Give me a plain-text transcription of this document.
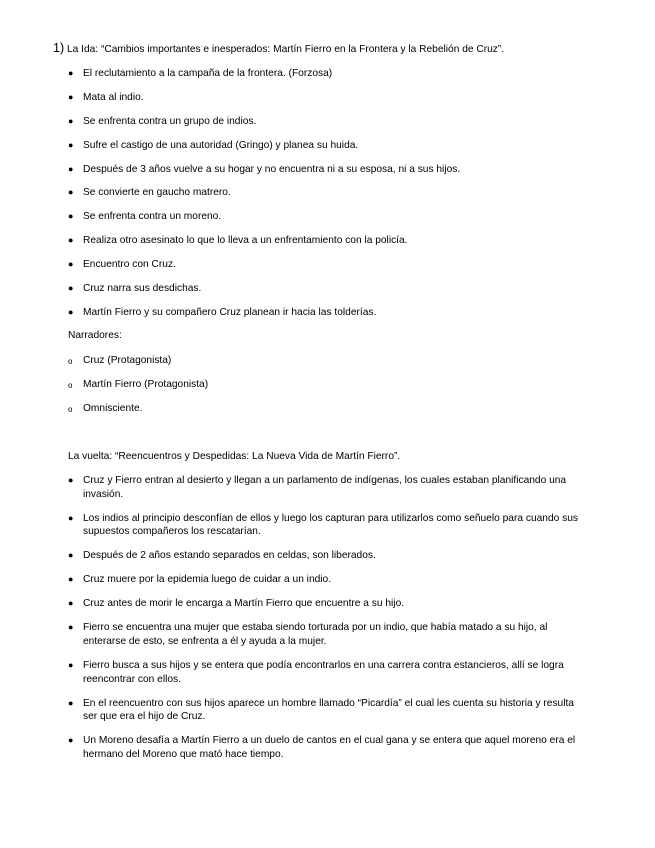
1) La Ida: “Cambios importantes e inesperados: Martín Fierro en la Frontera y la Rebelión de Cruz”.
● El reclutamiento a la campaña de la frontera. (Forzosa)
● Mata al indio.
● Se enfrenta contra un grupo de indios.
● Sufre el castigo de una autoridad (Gringo) y planea su huida.
● Después de 3 años vuelve a su hogar y no encuentra ni a su esposa, ni a sus hijos.
● Se convierte en gaucho matrero.
● Se enfrenta contra un moreno.
● Realiza otro asesinato lo que lo lleva a un enfrentamiento con la policía.
● Encuentro con Cruz.
● Cruz narra sus desdichas.
● Martín Fierro y su compañero Cruz planean ir hacia las tolderías.
Narradores:
o	Cruz (Protagonista)
o	Martín Fierro (Protagonista)
o	Omnisciente.
La vuelta: “Reencuentros y Despedidas: La Nueva Vida de Martín Fierro”.
● Cruz y Fierro entran al desierto y llegan a un parlamento de indígenas, los cuales estaban planificando una
invasión.
● Los indios al principio desconfían de ellos y luego los capturan para utilizarlos como señuelo para cuando sus
supuestos compañeros los rescatarían.
● Después de 2 años estando separados en celdas, son liberados.
● Cruz muere por la epidemia luego de cuidar a un indio.
● Cruz antes de morir le encarga a Martín Fierro que encuentre a su hijo.
● Fierro se encuentra una mujer que estaba siendo torturada por un indio, que había matado a su hijo, al
enterarse de esto, se enfrenta a él y ayuda a la mujer.
● Fierro busca a sus hijos y se entera que podía encontrarlos en una carrera contra estancieros, allí se logra
reencontrar con ellos.
● En el reencuentro con sus hijos aparece un hombre llamado “Picardía” el cual les cuenta su historia y resulta
ser que era el hijo de Cruz.
● Un Moreno desafía a Martín Fierro a un duelo de cantos en el cual gana y se entera que aquel moreno era el
hermano del Moreno que mató hace tiempo.
